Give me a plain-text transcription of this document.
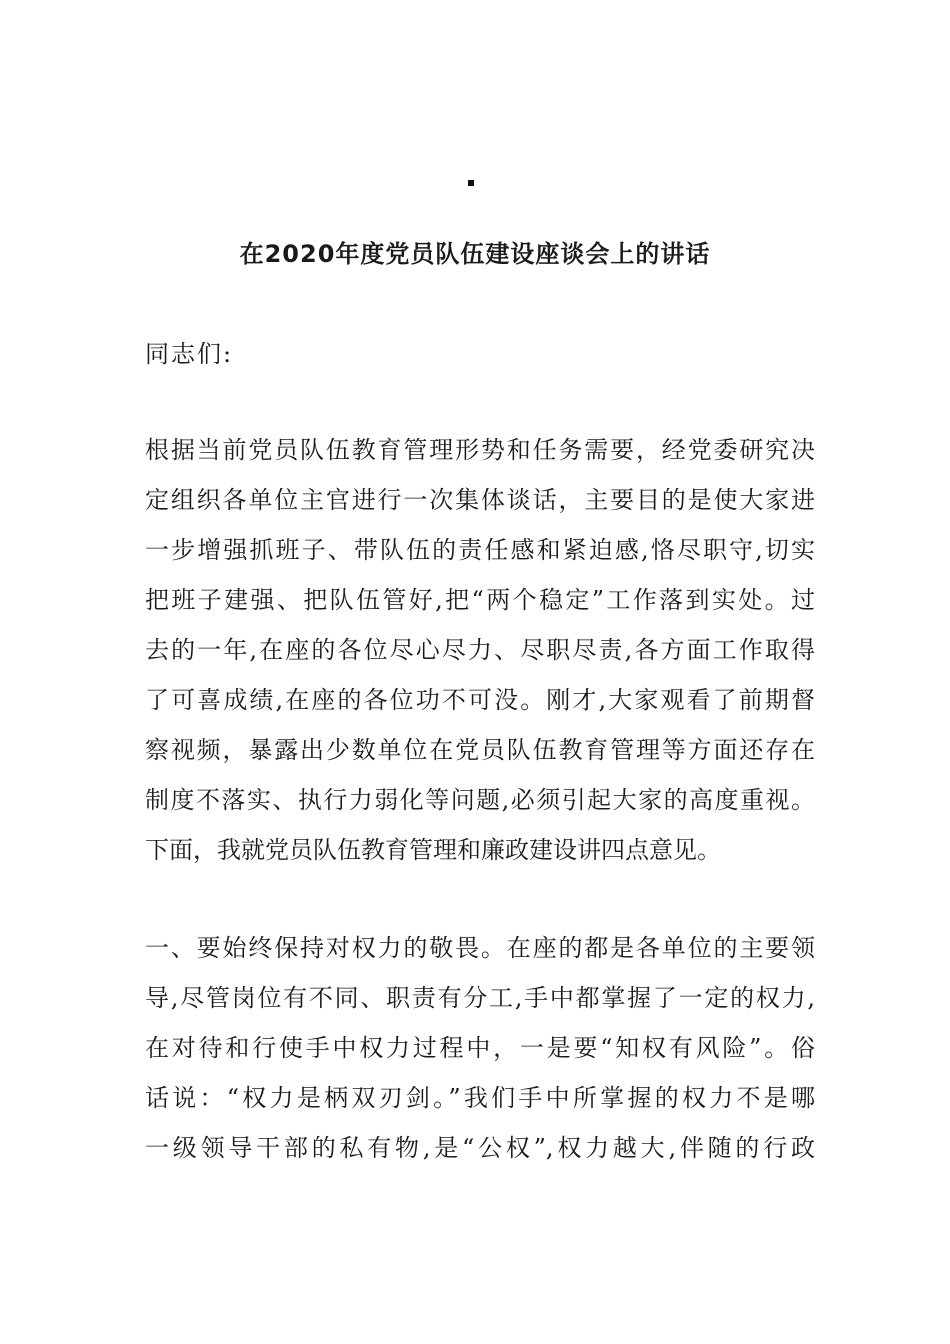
在2020年度党员队伍建设座谈会上的讲话
同志们:
根据当前党员队伍教育管理形势和任务需要，经党委研究决
定组织各单位主官进行一次集体谈话，主要目的是使大家进
一步增强抓班子、带队伍的责任感和紧迫感,恪尽职守,切实
把班子建强、把队伍管好,把“两个稳定”工作落到实处。过
去的一年,在座的各位尽心尽力、尽职尽责,各方面工作取得
了可喜成绩,在座的各位功不可没。刚才,大家观看了前期督
察视频，暴露出少数单位在党员队伍教育管理等方面还存在
制度不落实、执行力弱化等问题,必须引起大家的高度重视。
下面，我就党员队伍教育管理和廉政建设讲四点意见。
一、要始终保持对权力的敬畏。在座的都是各单位的主要领
导,尽管岗位有不同、职责有分工,手中都掌握了一定的权力,
在对待和行使手中权力过程中，一是要“知权有风险”。俗
话说：“权力是柄双刃剑。”我们手中所掌握的权力不是哪
一级领导干部的私有物,是“公权”,权力越大,伴随的行政
